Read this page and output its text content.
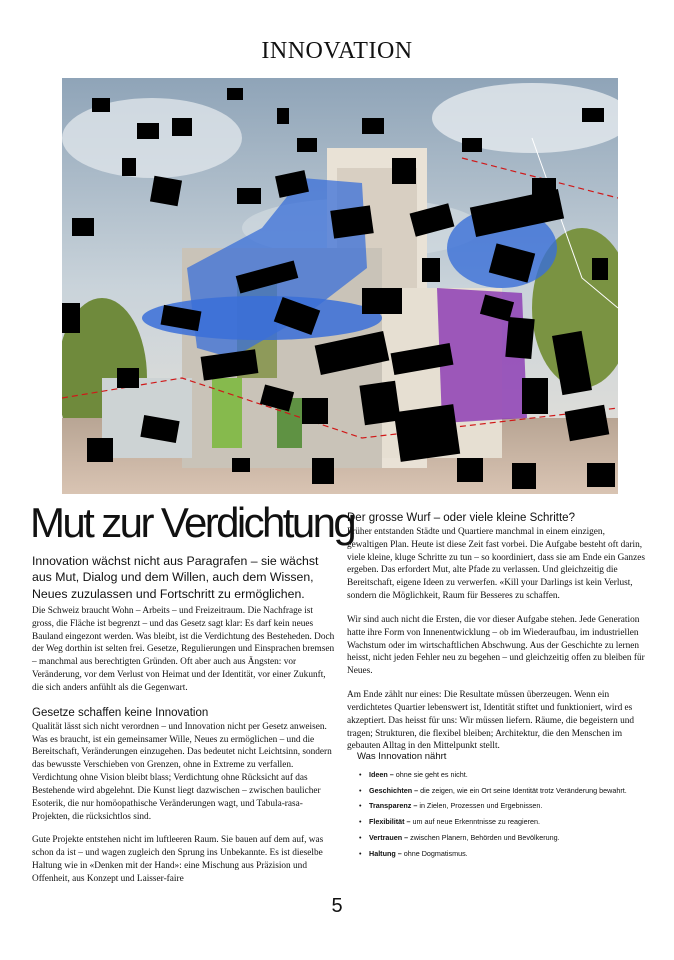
INNOVATION
Mut zur Verdichtung
Innovation wächst nicht aus Paragrafen – sie wächst aus Mut, Dialog und dem Willen, auch dem Wissen, Neues zuzulassen und Fortschritt zu ermöglichen.

Die Schweiz braucht Wohn – Arbeits – und Freizeitraum. Die Nachfrage ist gross, die Fläche ist begrenzt – und das Gesetz sagt klar: Es darf kein neues Bauland eingezont werden. Was bleibt, ist die Verdichtung des Besteheden. Doch der Weg dorthin ist selten frei. Gesetze, Regulierungen und Einsprachen bremsen – manchmal aus berechtigten Gründen. Oft aber auch aus Ängsten: vor Veränderung, vor dem Verlust von Heimat und der Identität, vor einer Zukunft, die sich anders anfühlt als die Gegenwart.

Gesetze schaffen keine Innovation

Qualität lässt sich nicht verordnen – und Innovation nicht per Gesetz anweisen. Was es braucht, ist ein gemeinsamer Wille, Neues zu ermöglichen – und die Bereitschaft, Veränderungen einzugehen. Das bedeutet nicht Leichtsinn, sondern das bewusste Verschieben von Grenzen, ohne in Extreme zu verfallen. Verdichtung ohne Vision bleibt blass; Verdichtung ohne Rücksicht auf das Bestehende wird abgelehnt. Die Kunst liegt dazwischen – zwischen baulicher Esoterik, die nur homöopathische Veränderungen wagt, und Tabula-rasa-Projekten, die rücksichtlos sind.

Gute Projekte entstehen nicht im luftleeren Raum. Sie bauen auf dem auf, was schon da ist – und wagen zugleich den Sprung ins Unbekannte. Es ist dieselbe Haltung wie in «Denken mit der Hand»: eine Mischung aus Präzision und Offenheit, aus Konzept und Laisser-faire

Der grosse Wurf – oder viele kleine Schritte?

Früher entstanden Städte und Quartiere manchmal in einem einzigen, gewaltigen Plan. Heute ist diese Zeit fast vorbei. Die Aufgabe besteht oft darin, viele kleine, kluge Schritte zu tun – so koordiniert, dass sie am Ende ein Ganzes ergeben. Das erfordert Mut, alte Pfade zu verlassen. Und gleichzeitig die Bereitschaft, eigene Ideen zu verwerfen. «Kill your Darlings ist kein Verlust, sondern die Möglichkeit, Raum für Besseres zu schaffen.

Wir sind auch nicht die Ersten, die vor dieser Aufgabe stehen. Jede Generation hatte ihre Form von Innenentwicklung – ob im Wiederaufbau, im industriellen Wachstum oder im wirtschaftlichen Abschwung. Aus der Geschichte zu lernen heisst, nicht jeden Fehler neu zu begehen – und gleichzeitig offen zu bleiben für Neues.

Am Ende zählt nur eines: Die Resultate müssen überzeugen. Wenn ein verdichtetes Quartier lebenswert ist, Identität stiftet und funktioniert, wird es akzeptiert. Das heisst für uns: Wir müssen liefern. Räume, die begeistern und tragen; Strukturen, die flexibel bleiben; Architektur, die den Menschen im gebauten Alltag in den Mittelpunkt stellt.

Was Innovation nährt
• Ideen – ohne sie geht es nicht.
• Geschichten – die zeigen, wie ein Ort seine Identität trotz Veränderung bewahrt.
• Transparenz – in Zielen, Prozessen und Ergebnissen.
• Flexibilität – um auf neue Erkenntnisse zu reagieren.
• Vertrauen – zwischen Planern, Behörden und Bevölkerung.
• Haltung – ohne Dogmatismus.
5
